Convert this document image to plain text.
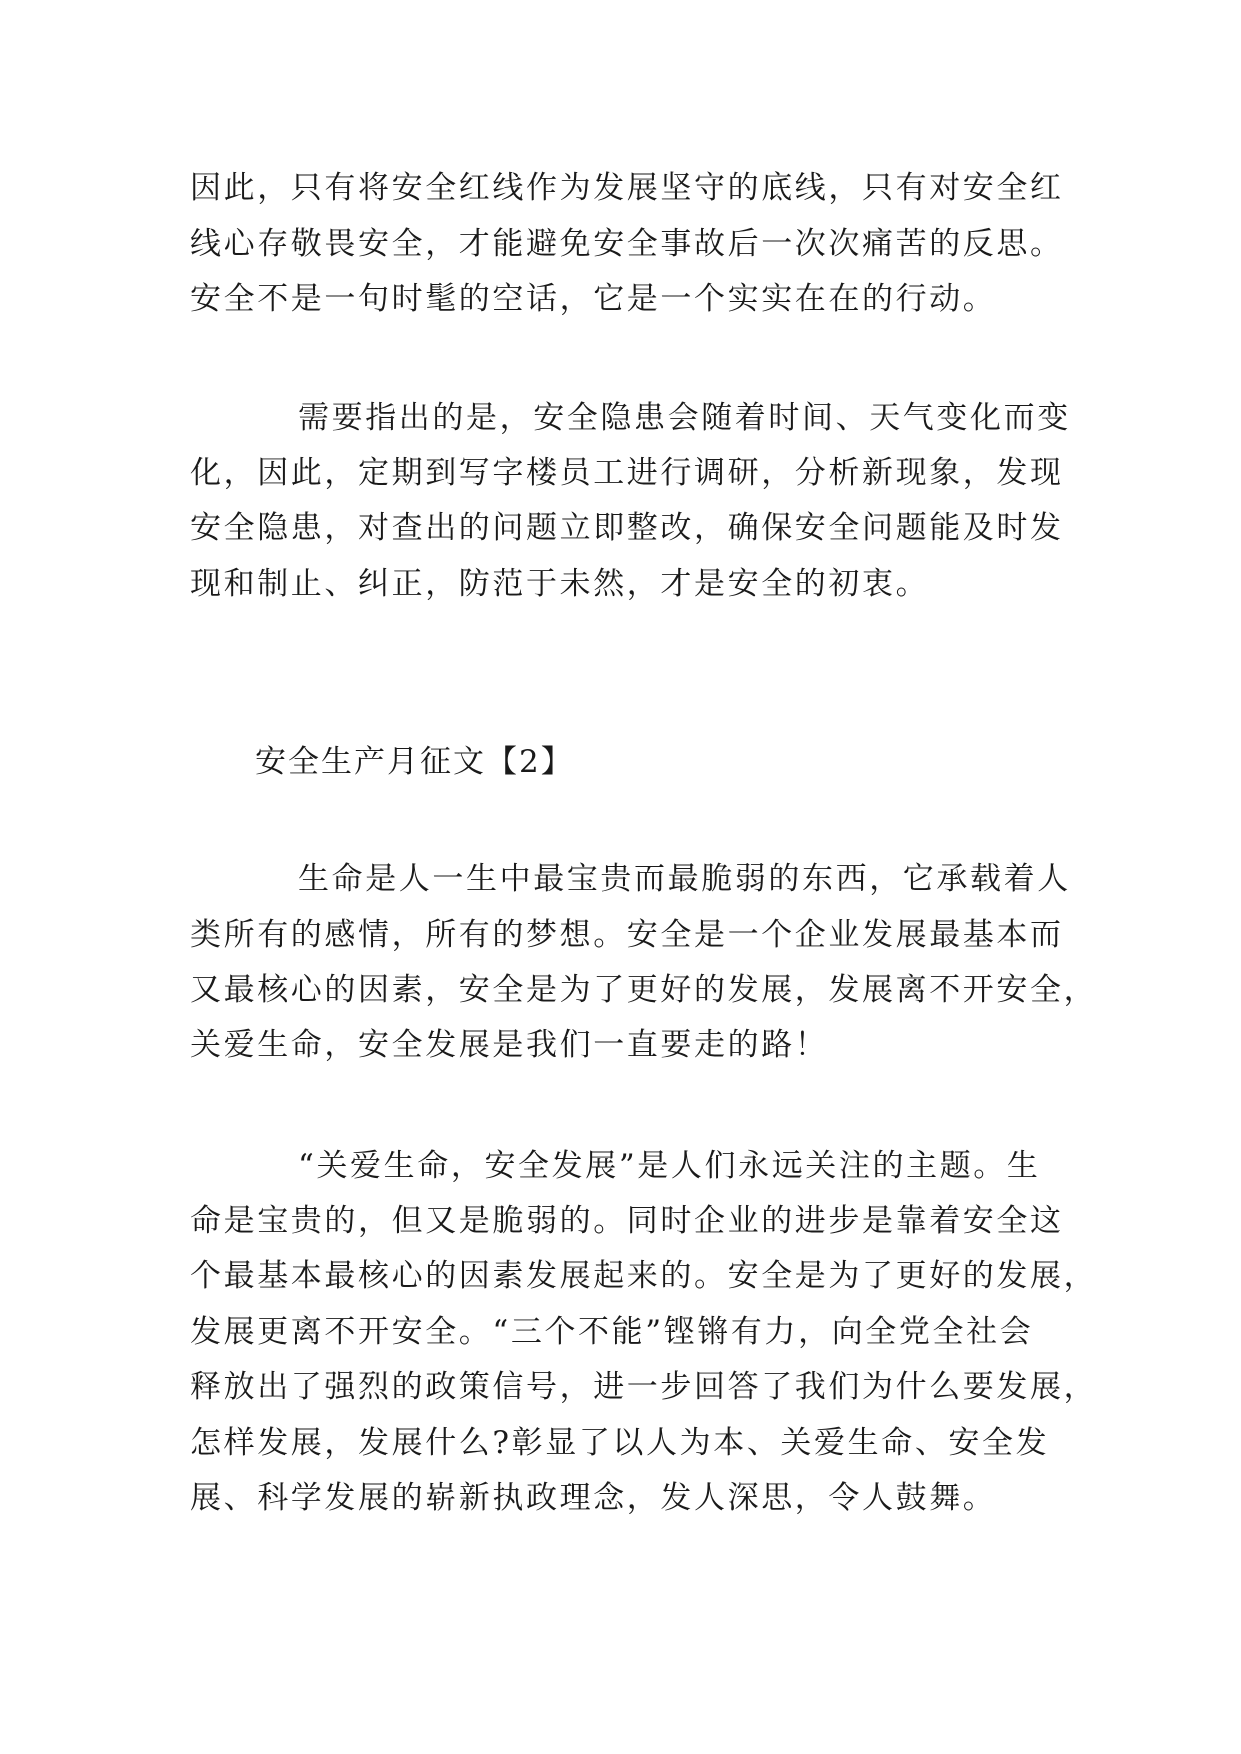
因此，只有将安全红线作为发展坚守的底线，只有对安全红
线心存敬畏安全，才能避免安全事故后一次次痛苦的反思。
安全不是一句时髦的空话，它是一个实实在在的行动。
需要指出的是，安全隐患会随着时间、天气变化而变
化，因此，定期到写字楼员工进行调研，分析新现象，发现
安全隐患，对查出的问题立即整改，确保安全问题能及时发
现和制止、纠正，防范于未然，才是安全的初衷。
安全生产月征文【2】
生命是人一生中最宝贵而最脆弱的东西，它承载着人
类所有的感情，所有的梦想。安全是一个企业发展最基本而
又最核心的因素，安全是为了更好的发展，发展离不开安全，
关爱生命，安全发展是我们一直要走的路！
“关爱生命，安全发展”是人们永远关注的主题。生
命是宝贵的，但又是脆弱的。同时企业的进步是靠着安全这
个最基本最核心的因素发展起来的。安全是为了更好的发展，
发展更离不开安全。“三个不能”铿锵有力，向全党全社会
释放出了强烈的政策信号，进一步回答了我们为什么要发展，
怎样发展，发展什么?彰显了以人为本、关爱生命、安全发
展、科学发展的崭新执政理念，发人深思，令人鼓舞。
